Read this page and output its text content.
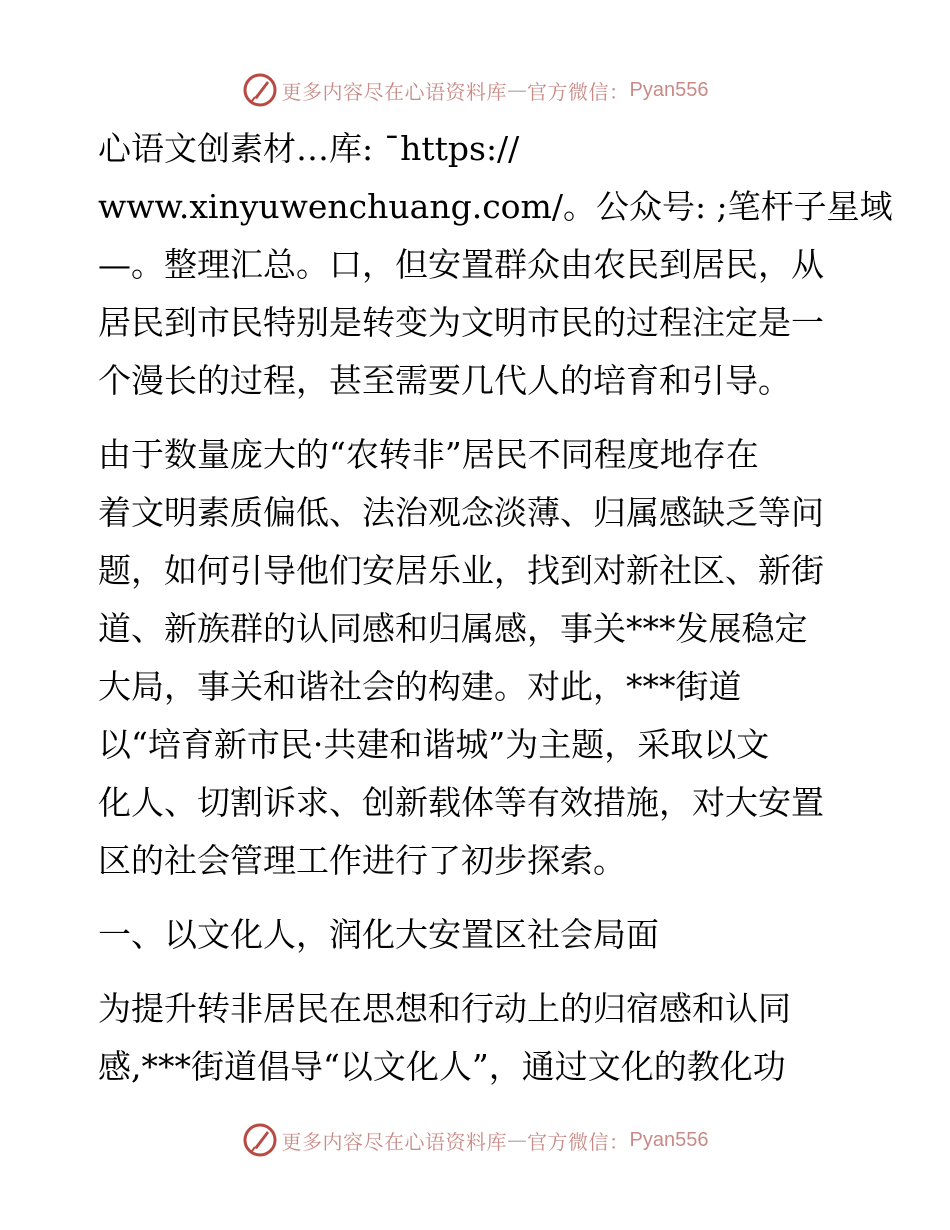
更多内容尽在心语资料库 — 官方微信： Pyan556
心语文创素材…库: ¯https://
www.xinyuwenchuang.com/。公众号: ;笔杆子星域
—。整理汇总。口，但安置群众由农民到居民，从
居民到市民特别是转变为文明市民的过程注定是一
个漫长的过程，甚至需要几代人的培育和引导。
由于数量庞大的“农转非”居民不同程度地存在
着文明素质偏低、法治观念淡薄、归属感缺乏等问
题，如何引导他们安居乐业，找到对新社区、新街
道、新族群的认同感和归属感，事关***发展稳定
大局，事关和谐社会的构建。对此，***街道
以“培育新市民·共建和谐城”为主题，采取以文
化人、切割诉求、创新载体等有效措施，对大安置
区的社会管理工作进行了初步探索。
一、以文化人，润化大安置区社会局面
为提升转非居民在思想和行动上的归宿感和认同
感,***街道倡导“以文化人”，通过文化的教化功
更多内容尽在心语资料库 — 官方微信： Pyan556
